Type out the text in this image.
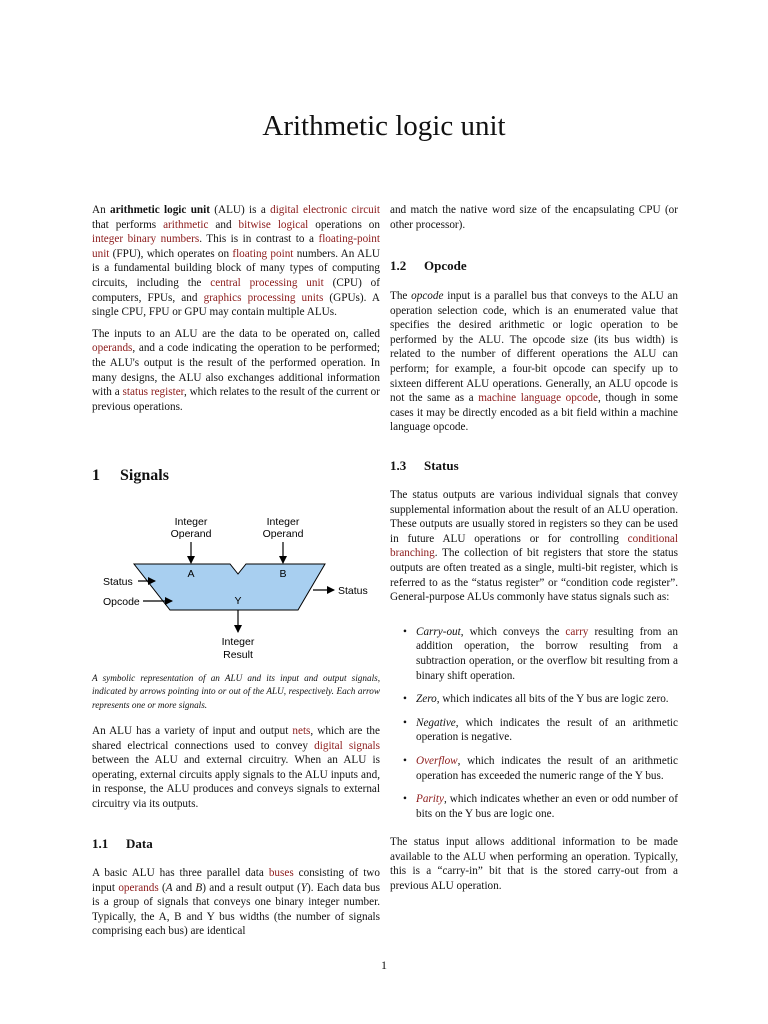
Arithmetic logic unit

An arithmetic logic unit (ALU) is a digital electronic circuit that performs arithmetic and bitwise logical operations on integer binary numbers. This is in contrast to a floating-point unit (FPU), which operates on floating point numbers. An ALU is a fundamental building block of many types of computing circuits, including the central processing unit (CPU) of computers, FPUs, and graphics processing units (GPUs). A single CPU, FPU or GPU may contain multiple ALUs.

The inputs to an ALU are the data to be operated on, called operands, and a code indicating the operation to be performed; the ALU's output is the result of the performed operation. In many designs, the ALU also exchanges additional information with a status register, which relates to the result of the current or previous operations.

1 Signals
Integer
Operand
Integer
Operand
A	B
Y
Status
Opcode
Status
Integer
Result
A symbolic representation of an ALU and its input and output signals, indicated by arrows pointing into or out of the ALU, respectively. Each arrow represents one or more signals.

An ALU has a variety of input and output nets, which are the shared electrical connections used to convey digital signals between the ALU and external circuitry. When an ALU is operating, external circuits apply signals to the ALU inputs and, in response, the ALU produces and conveys signals to external circuitry via its outputs.

1.1 Data

A basic ALU has three parallel data buses consisting of two input operands (A and B) and a result output (Y). Each data bus is a group of signals that conveys one binary integer number. Typically, the A, B and Y bus widths (the number of signals comprising each bus) are identical

and match the native word size of the encapsulating CPU (or other processor).

1.2 Opcode

The opcode input is a parallel bus that conveys to the ALU an operation selection code, which is an enumerated value that specifies the desired arithmetic or logic operation to be performed by the ALU. The opcode size (its bus width) is related to the number of different operations the ALU can perform; for example, a four-bit opcode can specify up to sixteen different ALU operations. Generally, an ALU opcode is not the same as a machine language opcode, though in some cases it may be directly encoded as a bit field within a machine language opcode.

1.3 Status

The status outputs are various individual signals that convey supplemental information about the result of an ALU operation. These outputs are usually stored in registers so they can be used in future ALU operations or for controlling conditional branching. The collection of bit registers that store the status outputs are often treated as a single, multi-bit register, which is referred to as the “status register” or “condition code register”. General-purpose ALUs commonly have status signals such as:

• Carry-out, which conveys the carry resulting from an addition operation, the borrow resulting from a subtraction operation, or the overflow bit resulting from a binary shift operation.
• Zero, which indicates all bits of the Y bus are logic zero.
• Negative, which indicates the result of an arithmetic operation is negative.
• Overflow, which indicates the result of an arithmetic operation has exceeded the numeric range of the Y bus.
• Parity, which indicates whether an even or odd number of bits on the Y bus are logic one.

The status input allows additional information to be made available to the ALU when performing an operation. Typically, this is a “carry-in” bit that is the stored carry-out from a previous ALU operation.

1
